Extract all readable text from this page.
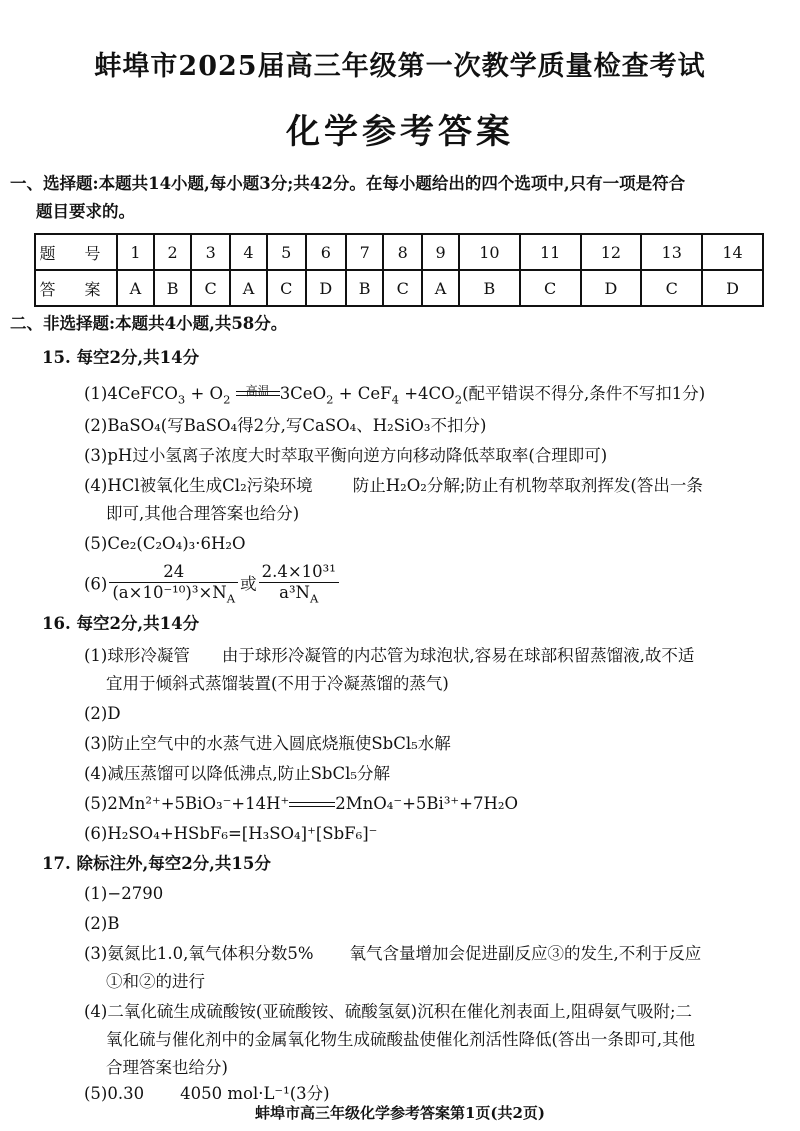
蚌埠市2025届高三年级第一次教学质量检查考试
化学参考答案
一、选择题:本题共14小题,每小题3分;共42分。在每小题给出的四个选项中,只有一项是符合
题目要求的。
题 号	1	2	3	4	5	6	7	8	9	10	11	12	13	14
答 案	A	B	C	A	C	D	B	C	A	B	C	D	C	D
二、非选择题:本题共4小题,共58分。
15. 每空2分,共14分
(1)4CeFCO$_3$ + $O_2$
高温 $3CeO_2 + CeF_4 +4CO_2$(配平错误不得分,条件不写扣1分)
(2)BaSO₄(写BaSO₄得2分,写CaSO₄、H₂SiO₃不扣分)
(3)pH过小氢离子浓度大时萃取平衡向逆方向移动降低萃取率(合理即可)
(4)HCl被氧化生成Cl₂污染环境 防止H₂O₂分解;防止有机物萃取剂挥发(答出一条
即可,其他合理答案也给分)
(5)Ce₂(C₂O₄)₃·6H₂O
$(6) \frac{24}{(a\times 10^{-10})^3\times N_A}$ 或 $\frac{\text{2.4×10³¹}}{a^3N_A}$
16. 每空2分,共14分
(1)球形冷凝管 由于球形冷凝管的内芯管为球泡状,容易在球部积留蒸馏液,故不适
宜用于倾斜式蒸馏装置(不用于冷凝蒸馏的蒸气)
(2)D
(3)防止空气中的水蒸气进入圆底烧瓶使SbCl₅水解
(4)减压蒸馏可以降低沸点,防止SbCl₅分解
(5)2Mn²⁺+5BiO₃⁻+14H⁺	2MnO₄⁻+5Bi³⁺+7H₂O
(6)H₂SO₄+HSbF₆=[H₃SO₄]⁺[SbF₆]⁻
17. 除标注外,每空2分,共15分
(1)−2790
(2)B
(3)氨氮比1.0,氧气体积分数5% 氧气含量增加会促进副反应③的发生,不利于反应
①和②的进行
(4)二氧化硫生成硫酸铵(亚硫酸铵、硫酸氢氨)沉积在催化剂表面上,阻碍氨气吸附;二
氧化硫与催化剂中的金属氧化物生成硫酸盐使催化剂活性降低(答出一条即可,其他
合理答案也给分)
(5)0.30 4050 mol·L⁻¹(3分)
蚌埠市高三年级化学参考答案第1页(共2页)
